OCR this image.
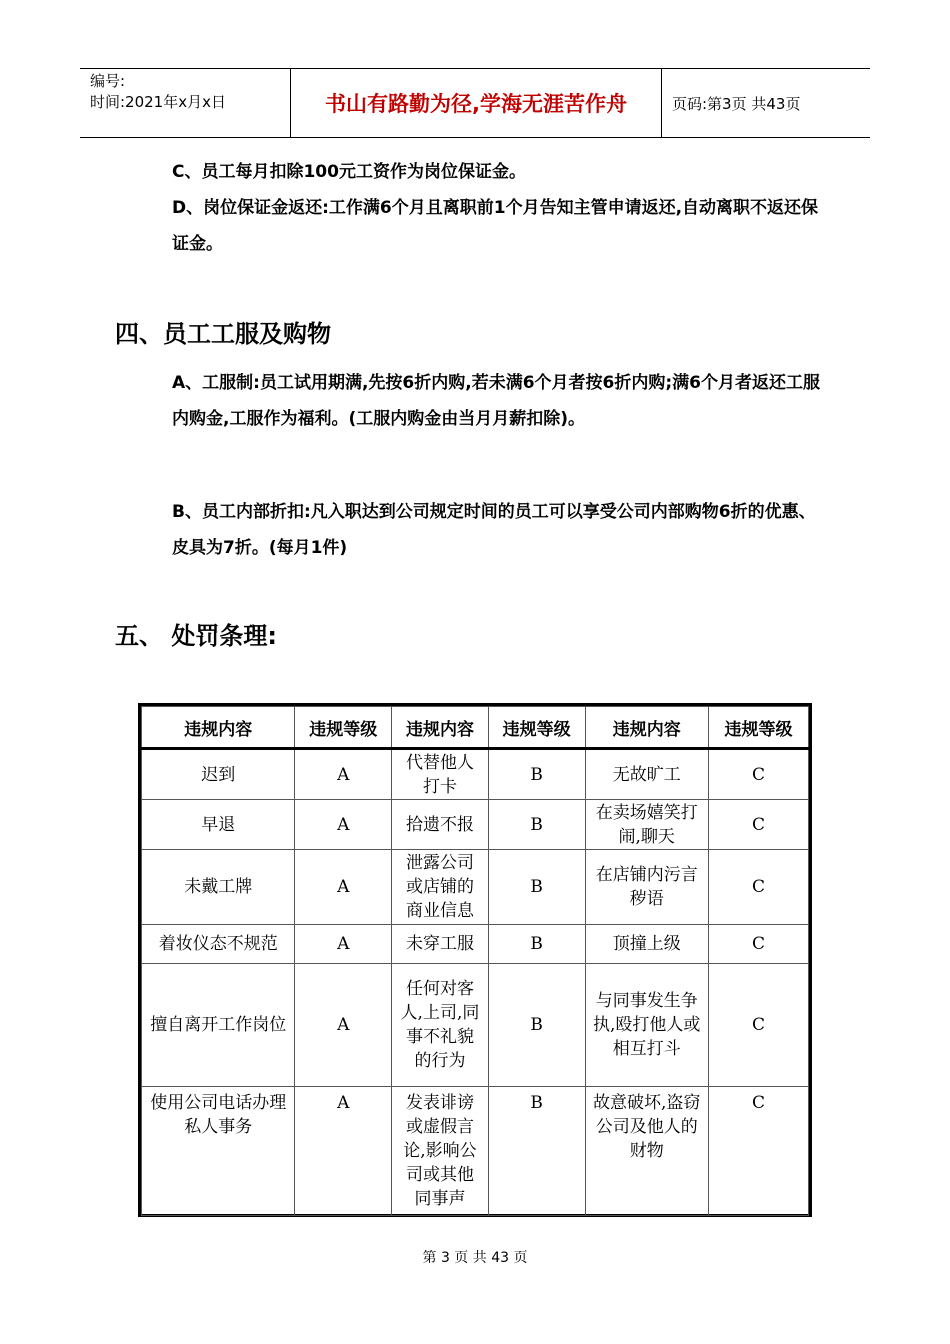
编号:
时间:2021年x月x日	书山有路勤为径,学海无涯苦作舟	页码:第3页 共43页
C、员工每月扣除100元工资作为岗位保证金。
D、岗位保证金返还:工作满6个月且离职前1个月告知主管申请返还,自动离职不返还保证金。
四、员工工服及购物
A、工服制:员工试用期满,先按6折内购,若未满6个月者按6折内购;满6个月者返还工服内购金,工服作为福利。(工服内购金由当月月薪扣除)。
B、员工内部折扣:凡入职达到公司规定时间的员工可以享受公司内部购物6折的优惠、皮具为7折。(每月1件)
五、 处罚条理:
违规内容	违规等级	违规内容	违规等级	违规内容	违规等级
迟到	A	代替他人打卡	B	无故旷工	C
早退	A	拾遗不报	B	在卖场嬉笑打闹,聊天	C
未戴工牌	A	泄露公司或店铺的商业信息	B	在店铺内污言秽语	C
着妆仪态不规范	A	未穿工服	B	顶撞上级	C
擅自离开工作岗位	A	任何对客人,上司,同事不礼貌的行为	B	与同事发生争执,殴打他人或相互打斗	C
使用公司电话办理私人事务	A	发表诽谤或虚假言论,影响公司或其他同事声	B	故意破坏,盗窃公司及他人的财物	C
第 3 页 共 43 页
